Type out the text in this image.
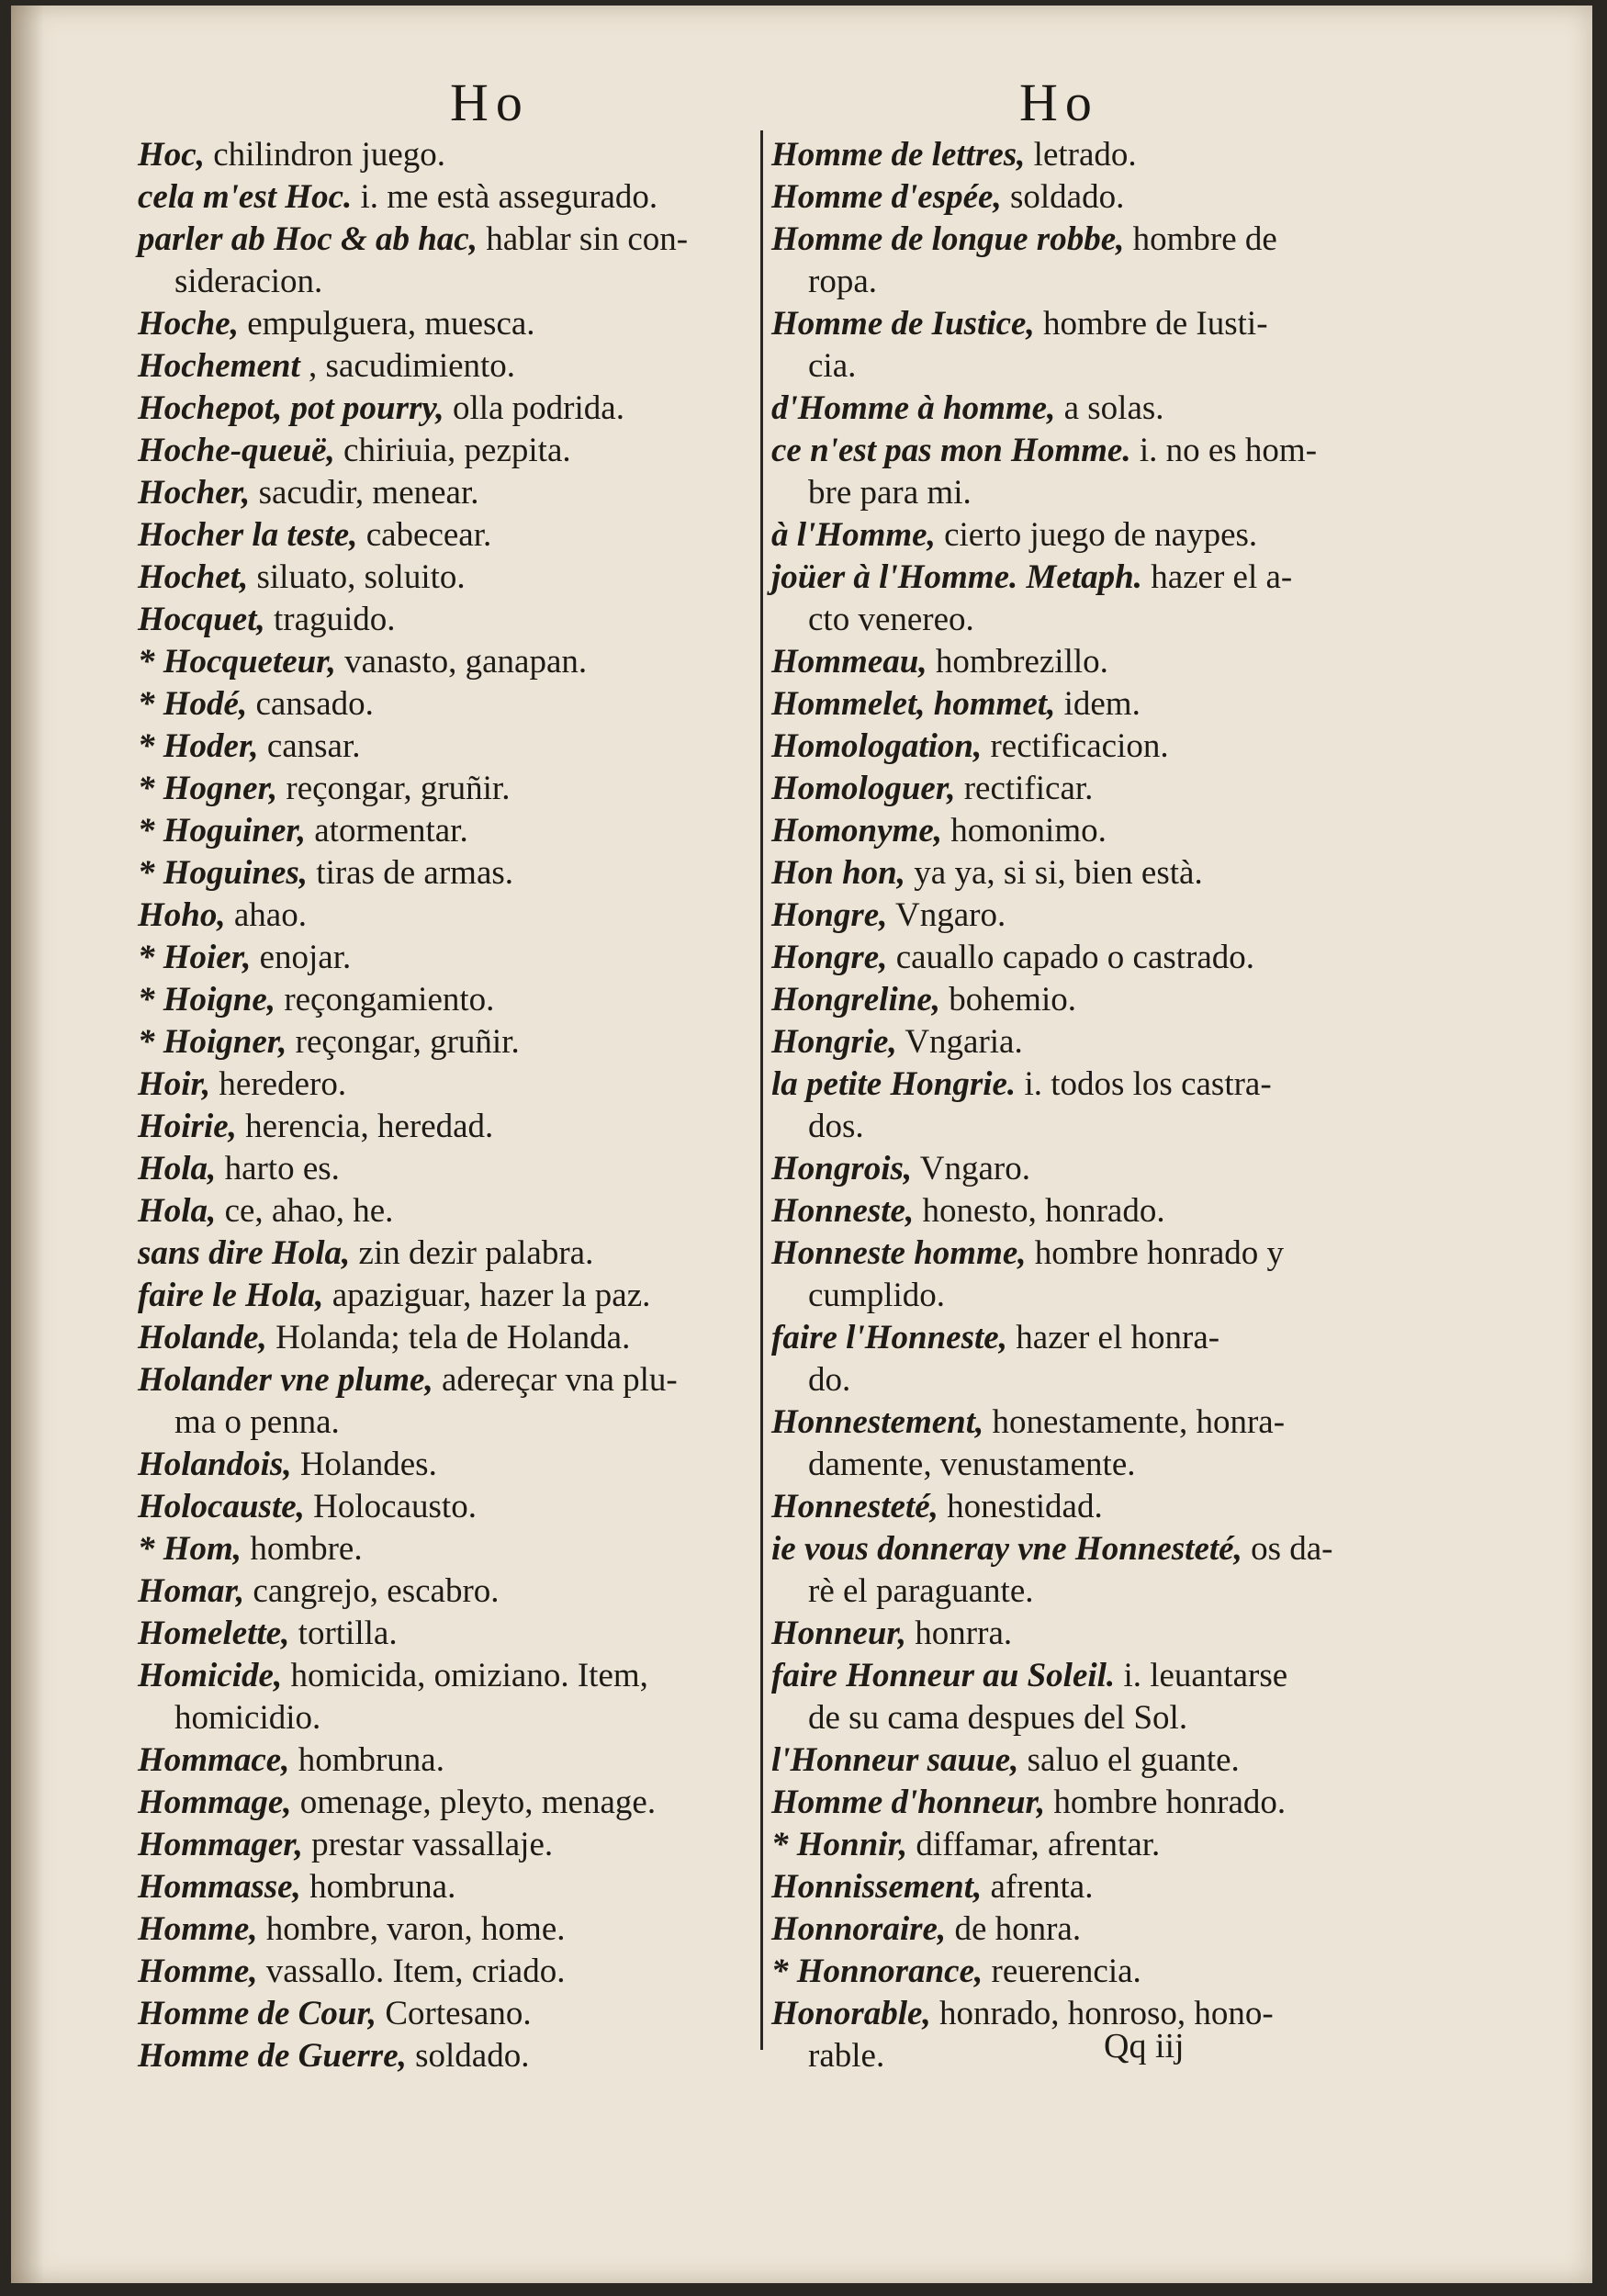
Ho	Ho
Hoc, chilindron juego.
cela m'est Hoc. i. me està assegurado.
parler ab Hoc & ab hac, hablar sin con-
sideracion.
Hoche, empulguera, muesca.
Hochement , sacudimiento.
Hochepot, pot pourry, olla podrida.
Hoche-queuë, chiriuia, pezpita.
Hocher, sacudir, menear.
Hocher la teste, cabecear.
Hochet, siluato, soluito.
Hocquet, traguido.
* Hocqueteur, vanasto, ganapan.
* Hodé, cansado.
* Hoder, cansar.
* Hogner, reçongar, gruñir.
* Hoguiner, atormentar.
* Hoguines, tiras de armas.
Hoho, ahao.
* Hoier, enojar.
* Hoigne, reçongamiento.
* Hoigner, reçongar, gruñir.
Hoir, heredero.
Hoirie, herencia, heredad.
Hola, harto es.
Hola, ce, ahao, he.
sans dire Hola, zin dezir palabra.
faire le Hola, apaziguar, hazer la paz.
Holande, Holanda; tela de Holanda.
Holander vne plume, adereçar vna plu-
ma o penna.
Holandois, Holandes.
Holocauste, Holocausto.
* Hom, hombre.
Homar, cangrejo, escabro.
Homelette, tortilla.
Homicide, homicida, omiziano. Item,
homicidio.
Hommace, hombruna.
Hommage, omenage, pleyto, menage.
Hommager, prestar vassallaje.
Hommasse, hombruna.
Homme, hombre, varon, home.
Homme, vassallo. Item, criado.
Homme de Cour, Cortesano.
Homme de Guerre, soldado.
Homme de lettres, letrado.
Homme d'espée, soldado.
Homme de longue robbe, hombre de
ropa.
Homme de Iustice, hombre de Iusti-
cia.
d'Homme à homme, a solas.
ce n'est pas mon Homme. i. no es hom-
bre para mi.
à l'Homme, cierto juego de naypes.
joüer à l'Homme. Metaph. hazer el a-
cto venereo.
Hommeau, hombrezillo.
Hommelet, hommet, idem.
Homologation, rectificacion.
Homologuer, rectificar.
Homonyme, homonimo.
Hon hon, ya ya, si si, bien està.
Hongre, Vngaro.
Hongre, cauallo capado o castrado.
Hongreline, bohemio.
Hongrie, Vngaria.
la petite Hongrie. i. todos los castra-
dos.
Hongrois, Vngaro.
Honneste, honesto, honrado.
Honneste homme, hombre honrado y
cumplido.
faire l'Honneste, hazer el honra-
do.
Honnestement, honestamente, honra-
damente, venustamente.
Honnesteté, honestidad.
ie vous donneray vne Honnesteté, os da-
rè el paraguante.
Honneur, honrra.
faire Honneur au Soleil. i. leuantarse
de su cama despues del Sol.
l'Honneur sauue, saluo el guante.
Homme d'honneur, hombre honrado.
* Honnir, diffamar, afrentar.
Honnissement, afrenta.
Honnoraire, de honra.
* Honnorance, reuerencia.
Honorable, honrado, honroso, hono-
rable.	Qq iij
